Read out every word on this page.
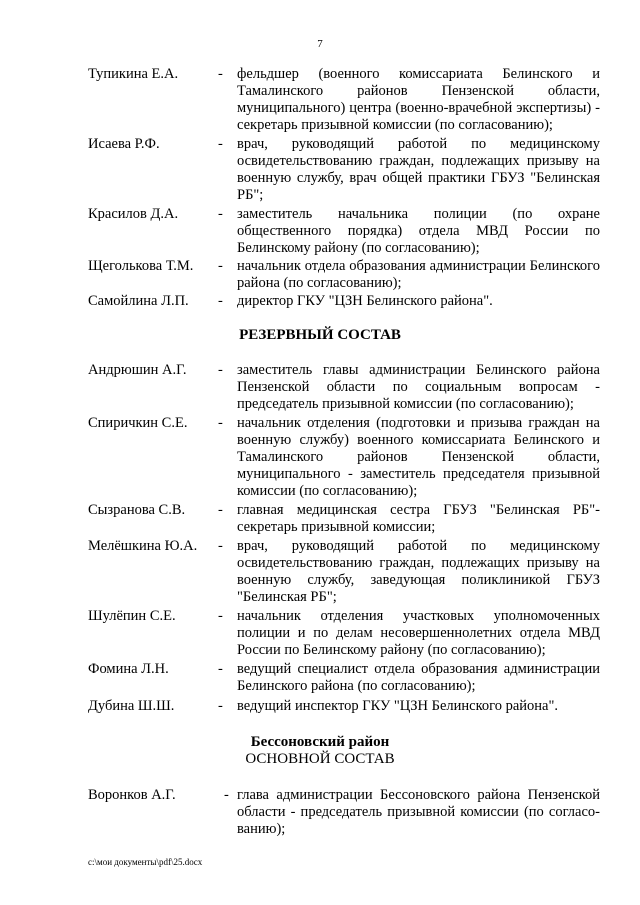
7
Тупикина Е.А.	- фельдшер (военного комиссариата Белинского и Тамалинского районов Пензенской области, муниципального) центра (военно-врачебной экспертизы) - секретарь призывной комиссии (по согласованию);
Исаева Р.Ф.	- врач, руководящий работой по медицинскому освидетельствованию граждан, подлежащих призыву на военную службу, врач общей практики ГБУЗ "Белинская РБ";
Красилов Д.А.	- заместитель начальника полиции (по охране общественного порядка) отдела МВД России по Белинскому району (по согласованию);
Щеголькова Т.М. - начальник отдела образования администрации Белинского района (по согласованию);
Самойлина Л.П. - директор ГКУ "ЦЗН Белинского района".
РЕЗЕРВНЫЙ СОСТАВ
Андрюшин А.Г. - заместитель главы администрации Белинского района Пензенской области по социальным вопросам - председатель призывной комиссии (по согласованию);
Спиричкин С.Е. - начальник отделения (подготовки и призыва граждан на военную службу) военного комиссариата Белинского и Тамалинского районов Пензенской области, муниципального - заместитель председателя призывной комиссии (по согласованию);
Сызранова С.В. - главная медицинская сестра ГБУЗ "Белинская РБ"-секретарь призывной комиссии;
Мелёшкина Ю.А. - врач, руководящий работой по медицинскому освидетельствованию граждан, подлежащих призыву на военную службу, заведующая поликлиникой ГБУЗ "Белинская РБ";
Шулёпин С.Е.	- начальник отделения участковых уполномоченных полиции и по делам несовершеннолетних отдела МВД России по Белинскому району (по согласованию);
Фомина Л.Н.	- ведущий специалист отдела образования администрации Белинского района (по согласованию);
Дубина Ш.Ш.	- ведущий инспектор ГКУ "ЦЗН Белинского района".
Бессоновский район
ОСНОВНОЙ СОСТАВ
Воронков А.Г.	- глава администрации Бессоновского района Пензенской области - председатель призывной комиссии (по согласо-ванию);
c:\мои документы\pdf\25.docx
